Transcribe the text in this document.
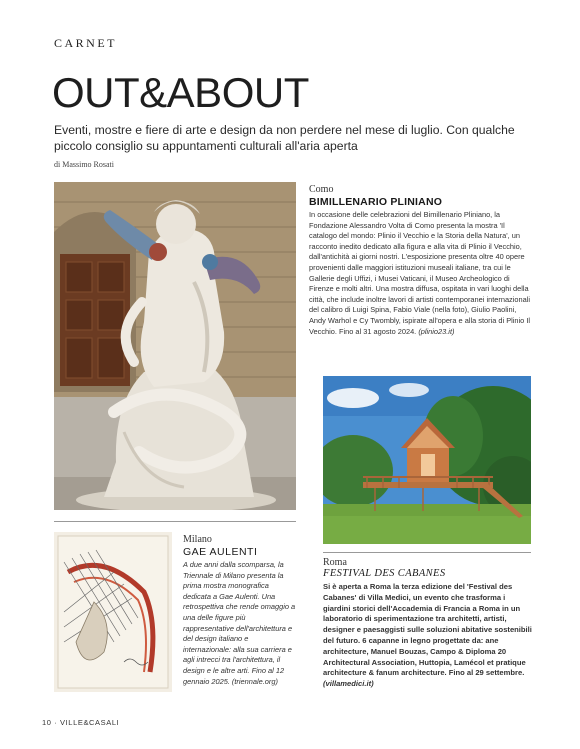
CARNET
OUT&ABOUT

Eventi, mostre e fiere di arte e design da non perdere nel mese di luglio. Con qualche piccolo consiglio su appuntamenti culturali all'aria aperta

di Massimo Rosati
Como
BIMILLENARIO PLINIANO

In occasione delle celebrazioni del Bimillenario Pliniano, la Fondazione Alessandro Volta di Como presenta la mostra 'Il catalogo del mondo: Plinio il Vecchio e la Storia della Natura', un racconto inedito dedicato alla figura e alla vita di Plinio il Vecchio, dall'antichità ai giorni nostri. L'esposizione presenta oltre 40 opere provenienti dalle maggiori istituzioni museali italiane, tra cui le Gallerie degli Uffizi, i Musei Vaticani, il Museo Archeologico di Firenze e molti altri. Una mostra diffusa, ospitata in vari luoghi della città, che include inoltre lavori di artisti contemporanei internazionali del calibro di Luigi Spina, Fabio Viale (nella foto), Giulio Paolini, Andy Warhol e Cy Twombly, ispirate all'opera e alla storia di Plinio Il Vecchio. Fino al 31 agosto 2024. (plinio23.it)

Milano
GAE AULENTI

A due anni dalla scomparsa, la Triennale di Milano presenta la prima mostra monografica dedicata a Gae Aulenti. Una retrospettiva che rende omaggio a una delle figure più rappresentative dell'architettura e del design italiano e internazionale: alla sua carriera e agli intrecci tra l'architettura, il design e le altre arti. Fino al 12 gennaio 2025. (triennale.org)

Roma
FESTIVAL DES CABANES

Si è aperta a Roma la terza edizione del 'Festival des Cabanes' di Villa Medici, un evento che trasforma i giardini storici dell'Accademia di Francia a Roma in un laboratorio di sperimentazione tra architetti, artisti, designer e paesaggisti sulle soluzioni abitative sostenibili del futuro. 6 capanne in legno progettate da: ane architecture, Manuel Bouzas, Campo & Diploma 20 Architectural Association, Huttopia, Lamécol et pratique architecture & fanum architecture. Fino al 29 settembre. (villamedici.it)

10 · VILLE&CASALI
